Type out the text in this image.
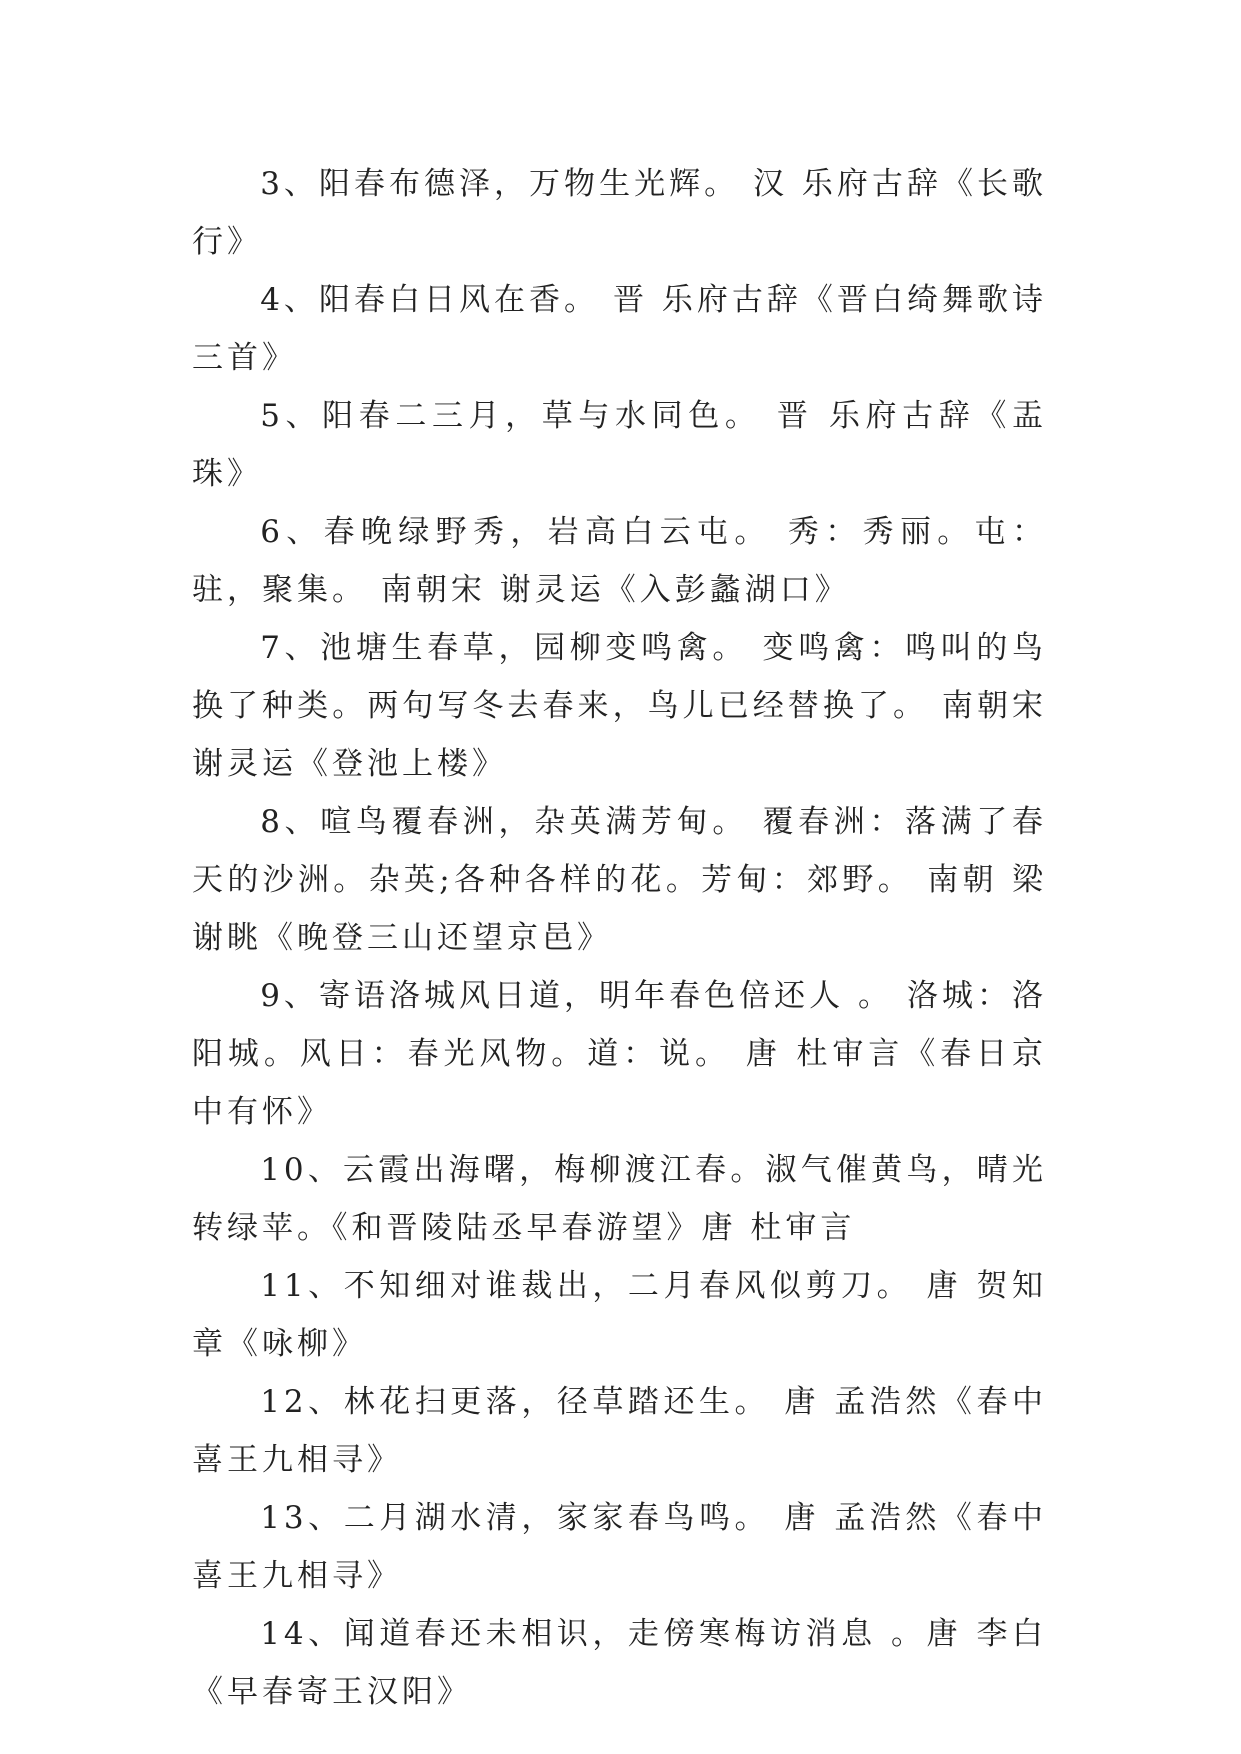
3、阳春布德泽，万物生光辉。 汉 乐府古辞《长歌行》

4、阳春白日风在香。 晋 乐府古辞《晋白绮舞歌诗三首》

5、阳春二三月，草与水同色。 晋 乐府古辞《盂珠》

6、春晚绿野秀，岩高白云屯。 秀：秀丽。屯：驻，聚集。 南朝宋 谢灵运《入彭蠡湖口》

7、池塘生春草，园柳变鸣禽。 变鸣禽：鸣叫的鸟换了种类。两句写冬去春来，鸟儿已经替换了。 南朝宋 谢灵运《登池上楼》

8、喧鸟覆春洲，杂英满芳甸。 覆春洲：落满了春天的沙洲。杂英;各种各样的花。芳甸：郊野。 南朝 梁 谢眺《晚登三山还望京邑》

9、寄语洛城风日道，明年春色倍还人 。 洛城：洛阳城。风日：春光风物。道：说。 唐 杜审言《春日京中有怀》

10、云霞出海曙，梅柳渡江春。淑气催黄鸟，晴光转绿苹。《和晋陵陆丞早春游望》唐 杜审言

11、不知细对谁裁出，二月春风似剪刀。 唐 贺知章《咏柳》

12、林花扫更落，径草踏还生。 唐 孟浩然《春中喜王九相寻》

13、二月湖水清，家家春鸟鸣。 唐 孟浩然《春中喜王九相寻》

14、闻道春还未相识，走傍寒梅访消息 。唐 李白《早春寄王汉阳》
